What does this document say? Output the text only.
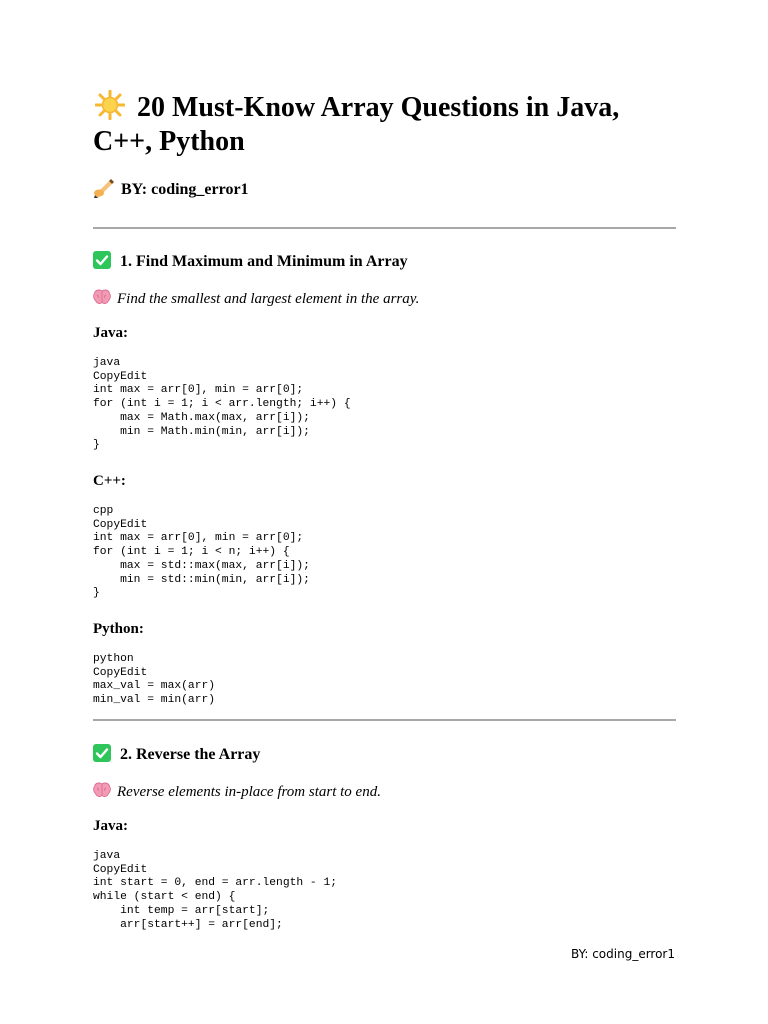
20 Must-Know Array Questions in Java, C++, Python
BY: coding_error1
1. Find Maximum and Minimum in Array
Find the smallest and largest element in the array.
Java:
java
CopyEdit
int max = arr[0], min = arr[0];
for (int i = 1; i < arr.length; i++) {
max = Math.max(max, arr[i]);
min = Math.min(min, arr[i]);
}
C++:
cpp
CopyEdit
int max = arr[0], min = arr[0];
for (int i = 1; i < n; i++) {
max = std::max(max, arr[i]);
min = std::min(min, arr[i]);
}
Python:
python
CopyEdit
max_val = max(arr)
min_val = min(arr)
2. Reverse the Array
Reverse elements in-place from start to end.
Java:
java
CopyEdit
int start = 0, end = arr.length - 1;
while (start < end) {
int temp = arr[start];
arr[start++] = arr[end];
BY: coding_error1
